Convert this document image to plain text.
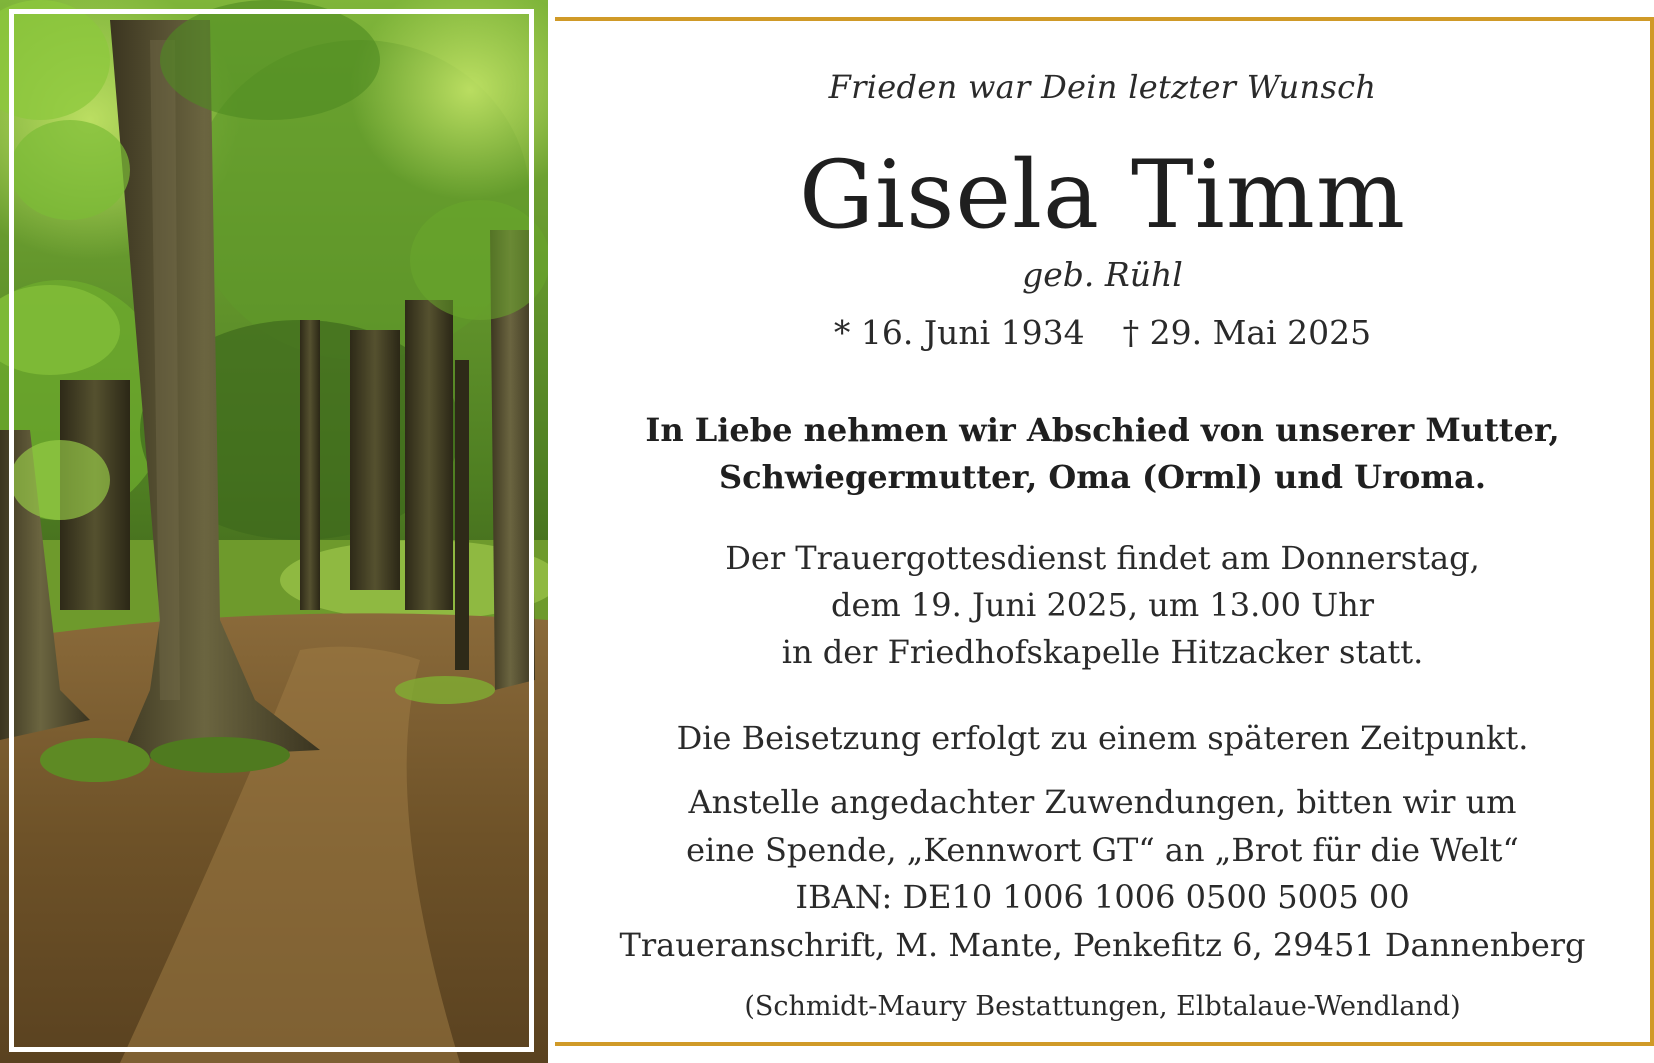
Frieden war Dein letzter Wunsch
Gisela Timm
geb. Rühl
* 16. Juni 1934 † 29. Mai 2025
In Liebe nehmen wir Abschied von unserer Mutter,
Schwiegermutter, Oma (Orml) und Uroma.
Der Trauergottesdienst findet am Donnerstag,
dem 19. Juni 2025, um 13.00 Uhr
in der Friedhofskapelle Hitzacker statt.
Die Beisetzung erfolgt zu einem späteren Zeitpunkt.
Anstelle angedachter Zuwendungen, bitten wir um
eine Spende, „Kennwort GT“ an „Brot für die Welt“
IBAN: DE10 1006 1006 0500 5005 00
Traueranschrift, M. Mante, Penkefitz 6, 29451 Dannenberg
(Schmidt-Maury Bestattungen, Elbtalaue-Wendland)
